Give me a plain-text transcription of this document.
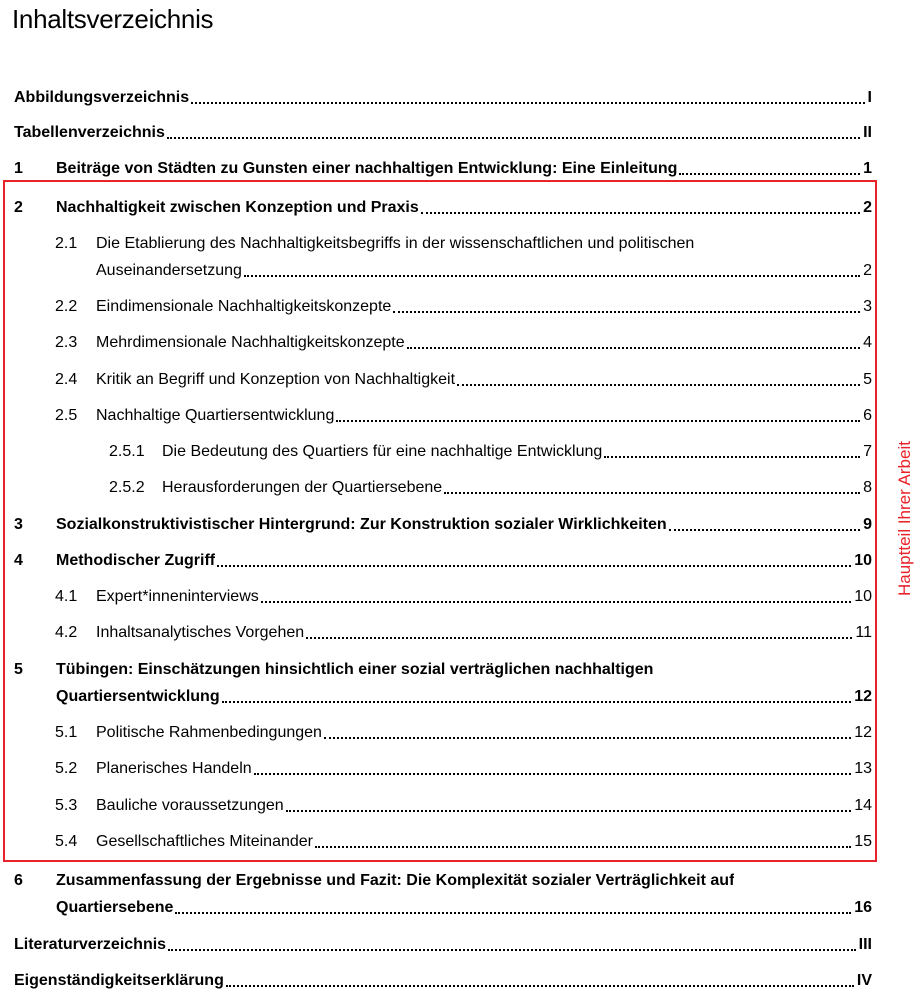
Inhaltsverzeichnis
Abbildungsverzeichnis	I
Tabellenverzeichnis	II
1	Beiträge von Städten zu Gunsten einer nachhaltigen Entwicklung: Eine Einleitung	1
2	Nachhaltigkeit zwischen Konzeption und Praxis	2
2.1	Die Etablierung des Nachhaltigkeitsbegriffs in der wissenschaftlichen und politischen
Auseinandersetzung	2
2.2	Eindimensionale Nachhaltigkeitskonzepte	3
2.3	Mehrdimensionale Nachhaltigkeitskonzepte	4
2.4	Kritik an Begriff und Konzeption von Nachhaltigkeit	5
2.5	Nachhaltige Quartiersentwicklung	6
2.5.1	Die Bedeutung des Quartiers für eine nachhaltige Entwicklung	7
2.5.2	Herausforderungen der Quartiersebene	8
3	Sozialkonstruktivistischer Hintergrund: Zur Konstruktion sozialer Wirklichkeiten	9
4	Methodischer Zugriff	10
4.1	Expert*inneninterviews	10
4.2	Inhaltsanalytisches Vorgehen	11
5	Tübingen: Einschätzungen hinsichtlich einer sozial verträglichen nachhaltigen
Quartiersentwicklung	12
5.1	Politische Rahmenbedingungen	12
5.2	Planerisches Handeln	13
5.3	Bauliche voraussetzungen	14
5.4	Gesellschaftliches Miteinander	15
6	Zusammenfassung der Ergebnisse und Fazit: Die Komplexität sozialer Verträglichkeit auf
Quartiersebene	16
Literaturverzeichnis	III
Eigenständigkeitserklärung	IV
Hauptteil Ihrer Arbeit
